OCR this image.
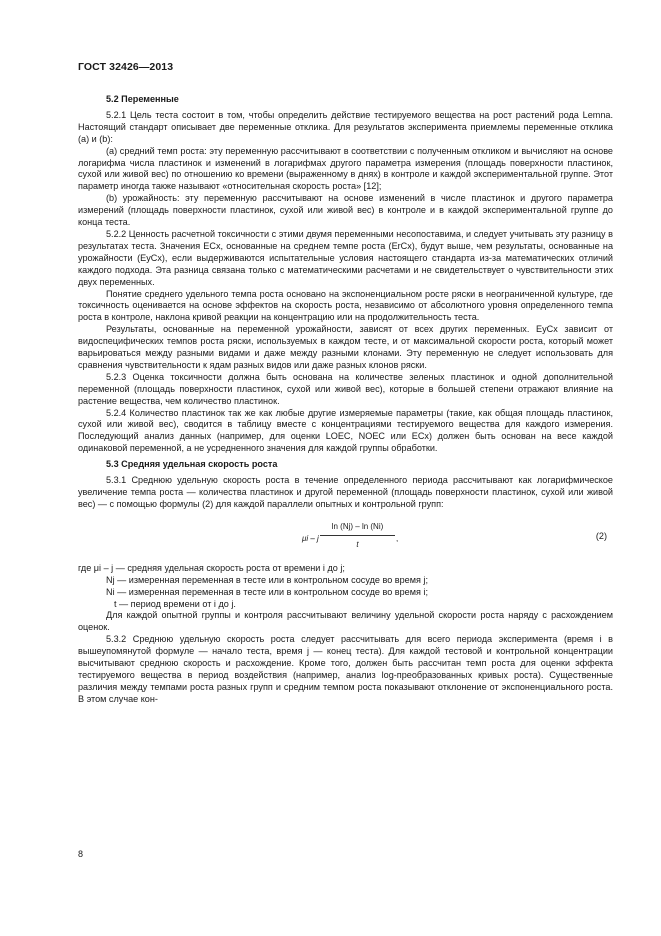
ГОСТ 32426—2013

5.2 Переменные

5.2.1 Цель теста состоит в том, чтобы определить действие тестируемого вещества на рост растений рода Lemna. Настоящий стандарт описывает две переменные отклика. Для результатов эксперимента приемлемы переменные отклика (а) и (b):

(а) средний темп роста: эту переменную рассчитывают в соответствии с полученным откликом и вычисляют на основе логарифма числа пластинок и изменений в логарифмах другого параметра измерения (площадь поверхности пластинок, сухой или живой вес) по отношению ко времени (выраженному в днях) в контроле и каждой экспериментальной группе. Этот параметр иногда также называют «относительная скорость роста» [12];

(b) урожайность: эту переменную рассчитывают на основе изменений в числе пластинок и другого параметра измерений (площадь поверхности пластинок, сухой или живой вес) в контроле и в каждой экспериментальной группе до конца теста.

5.2.2 Ценность расчетной токсичности с этими двумя переменными несопоставима, и следует учитывать эту разницу в результатах теста. Значения ECx, основанные на среднем темпе роста (ErCx), будут выше, чем результаты, основанные на урожайности (EyCx), если выдерживаются испытательные условия настоящего стандарта из-за математических отличий каждого подхода. Эта разница связана только с математическими расчетами и не свидетельствует о чувствительности этих двух переменных.

Понятие среднего удельного темпа роста основано на экспоненциальном росте ряски в неограниченной культуре, где токсичность оценивается на основе эффектов на скорость роста, независимо от абсолютного уровня определенного темпа роста в контроле, наклона кривой реакции на концентрацию или на продолжительность теста.

Результаты, основанные на переменной урожайности, зависят от всех других переменных. EyCx зависит от видоспецифических темпов роста ряски, используемых в каждом тесте, и от максимальной скорости роста, который может варьироваться между разными видами и даже между разными клонами. Эту переменную не следует использовать для сравнения чувствительности к ядам разных видов или даже разных клонов ряски.

5.2.3 Оценка токсичности должна быть основана на количестве зеленых пластинок и одной дополнительной переменной (площадь поверхности пластинок, сухой или живой вес), которые в большей степени отражают влияние на растение вещества, чем количество пластинок.

5.2.4 Количество пластинок так же как любые другие измеряемые параметры (такие, как общая площадь пластинок, сухой или живой вес), сводится в таблицу вместе с концентрациями тестируемого вещества для каждого измерения. Последующий анализ данных (например, для оценки LOEC, NOEC или ECx) должен быть основан на весе каждой одинаковой переменной, а не усредненного значения для каждой группы обработки.

5.3 Средняя удельная скорость роста

5.3.1 Среднюю удельную скорость роста в течение определенного периода рассчитывают как логарифмическое увеличение темпа роста — количества пластинок и другой переменной (площадь поверхности пластинок, сухой или живой вес) — с помощью формулы (2) для каждой параллели опытных и контрольной групп:

μi – j
ln (Nj) – ln (Ni)
t
,	(2)
где μi – j — средняя удельная скорость роста от времени i до j;
Nj — измеренная переменная в тесте или в контрольном сосуде во время j;
Ni — измеренная переменная в тесте или в контрольном сосуде во время i;
t — период времени от i до j.

Для каждой опытной группы и контроля рассчитывают величину удельной скорости роста наряду с расхождением оценок.

5.3.2 Среднюю удельную скорость роста следует рассчитывать для всего периода эксперимента (время i в вышеупомянутой формуле — начало теста, время j — конец теста). Для каждой тестовой и контрольной концентрации высчитывают среднюю скорость и расхождение. Кроме того, должен быть рассчитан темп роста для оценки эффекта тестируемого вещества в период воздействия (например, анализ log-преобразованных кривых роста). Существенные различия между темпами роста разных групп и средним темпом роста показывают отклонение от экспоненциального роста. В этом случае кон-

8
